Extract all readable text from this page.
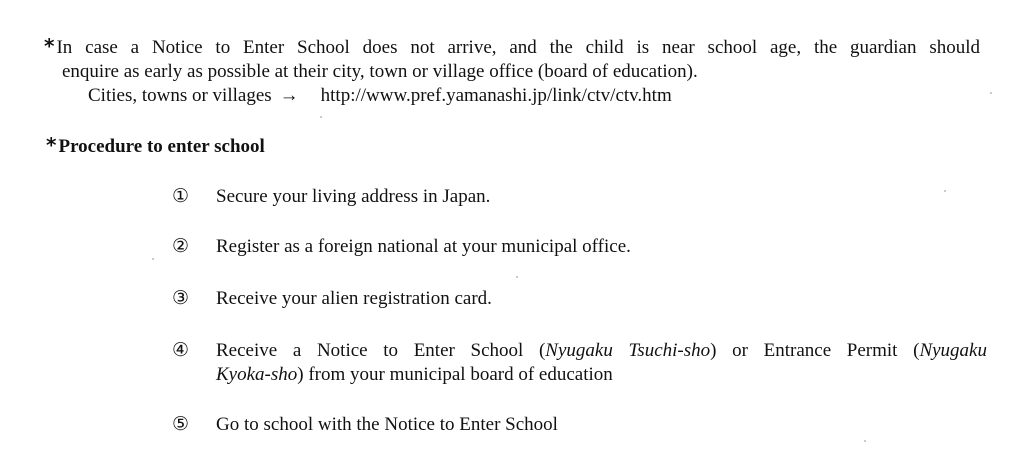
* In case a Notice to Enter School does not arrive, and the child is near school age, the guardian should
enquire as early as possible at their city, town or village office (board of education).
Cities, towns or villages → http://www.pref.yamanashi.jp/link/ctv/ctv.htm
* Procedure to enter school
①	Secure your living address in Japan.
②	Register as a foreign national at your municipal office.
③	Receive your alien registration card.
④	Receive a Notice to Enter School (Nyugaku Tsuchi-sho) or Entrance Permit (Nyugaku
Kyoka-sho) from your municipal board of education
⑤	Go to school with the Notice to Enter School
